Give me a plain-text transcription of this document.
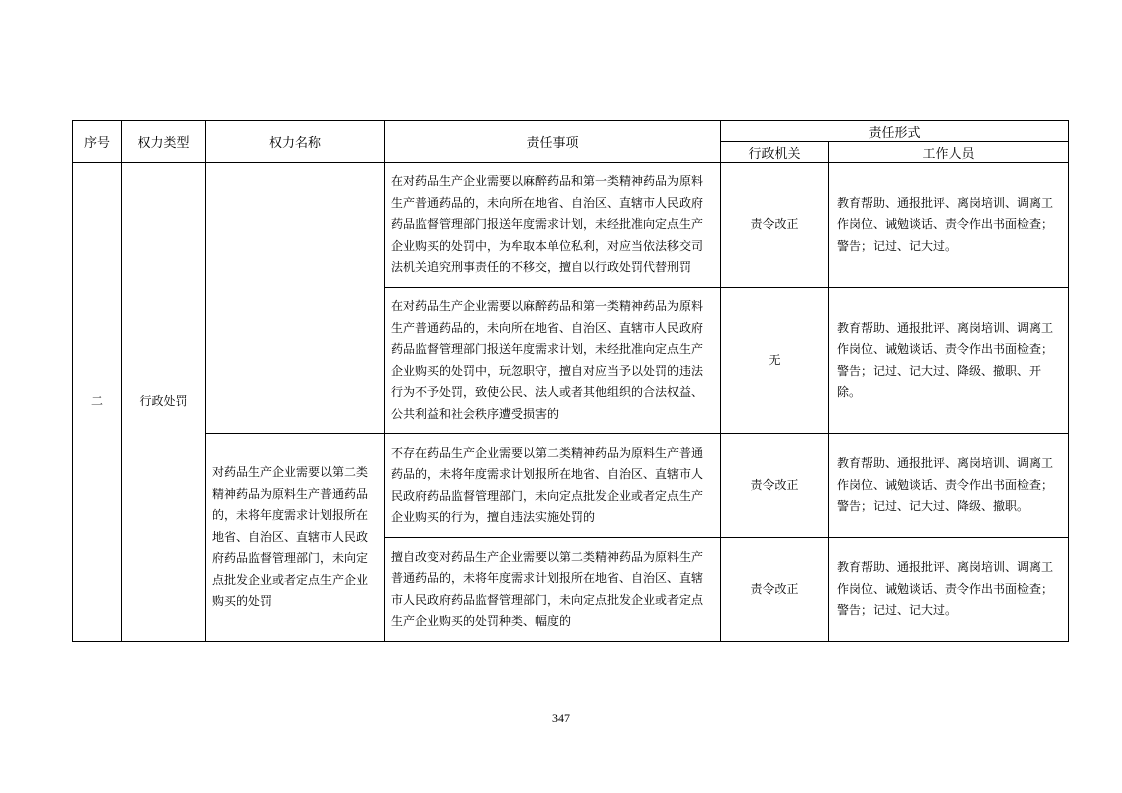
序号	权力类型	权力名称	责任事项	责任形式	
				行政机关	工作人员
二	行政处罚		在对药品生产企业需要以麻醉药品和第一类精神药品为原料生产普通药品的，未向所在地省、自治区、直辖市人民政府药品监督管理部门报送年度需求计划，未经批准向定点生产企业购买的处罚中，为牟取本单位私利，对应当依法移交司法机关追究刑事责任的不移交，擅自以行政处罚代替刑罚	责令改正	教育帮助、通报批评、离岗培训、调离工作岗位、诫勉谈话、责令作出书面检查；警告；记过、记大过。
			在对药品生产企业需要以麻醉药品和第一类精神药品为原料生产普通药品的，未向所在地省、自治区、直辖市人民政府药品监督管理部门报送年度需求计划，未经批准向定点生产企业购买的处罚中，玩忽职守，擅自对应当予以处罚的违法行为不予处罚，致使公民、法人或者其他组织的合法权益、公共利益和社会秩序遭受损害的	无	教育帮助、通报批评、离岗培训、调离工作岗位、诫勉谈话、责令作出书面检查；警告；记过、记大过、降级、撤职、开除。
		对药品生产企业需要以第二类精神药品为原料生产普通药品的，未将年度需求计划报所在地省、自治区、直辖市人民政府药品监督管理部门，未向定点批发企业或者定点生产企业购买的处罚	不存在药品生产企业需要以第二类精神药品为原料生产普通药品的，未将年度需求计划报所在地省、自治区、直辖市人民政府药品监督管理部门，未向定点批发企业或者定点生产企业购买的行为，擅自违法实施处罚的	责令改正	教育帮助、通报批评、离岗培训、调离工作岗位、诫勉谈话、责令作出书面检查；警告；记过、记大过、降级、撤职。
			擅自改变对药品生产企业需要以第二类精神药品为原料生产普通药品的，未将年度需求计划报所在地省、自治区、直辖市人民政府药品监督管理部门，未向定点批发企业或者定点生产企业购买的处罚种类、幅度的	责令改正	教育帮助、通报批评、离岗培训、调离工作岗位、诫勉谈话、责令作出书面检查；警告；记过、记大过。
347
